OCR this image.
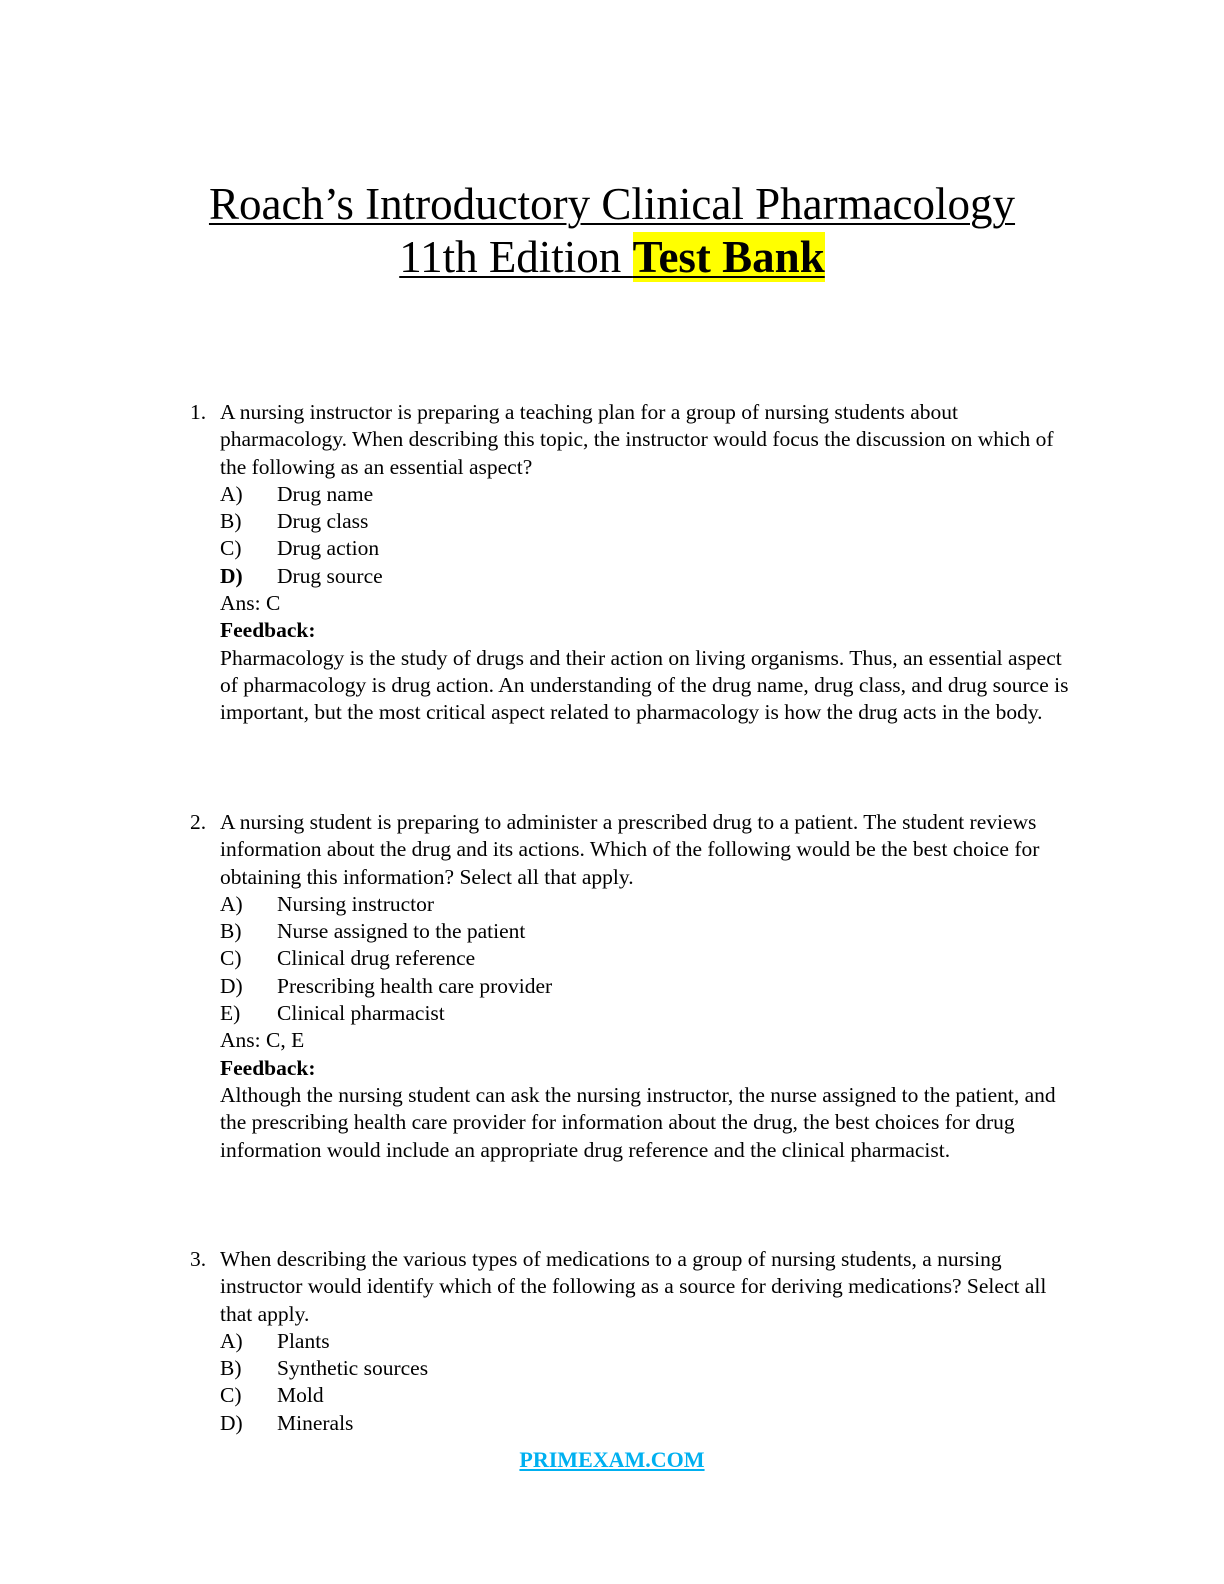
Roach’s Introductory Clinical Pharmacology
11th Edition Test Bank
1. A nursing instructor is preparing a teaching plan for a group of nursing students about pharmacology. When describing this topic, the instructor would focus the discussion on which of the following as an essential aspect?
A)	Drug name
B)	Drug class
C)	Drug action
D)	Drug source
Ans: C
Feedback:
Pharmacology is the study of drugs and their action on living organisms. Thus, an essential aspect of pharmacology is drug action. An understanding of the drug name, drug class, and drug source is important, but the most critical aspect related to pharmacology is how the drug acts in the body.
2. A nursing student is preparing to administer a prescribed drug to a patient. The student reviews information about the drug and its actions. Which of the following would be the best choice for obtaining this information? Select all that apply.
A)	Nursing instructor
B)	Nurse assigned to the patient
C)	Clinical drug reference
D)	Prescribing health care provider
E)	Clinical pharmacist
Ans: C, E
Feedback:
Although the nursing student can ask the nursing instructor, the nurse assigned to the patient, and the prescribing health care provider for information about the drug, the best choices for drug information would include an appropriate drug reference and the clinical pharmacist.
3. When describing the various types of medications to a group of nursing students, a nursing instructor would identify which of the following as a source for deriving medications? Select all that apply.
A)	Plants
B)	Synthetic sources
C)	Mold
D)	Minerals
PRIMEXAM.COM
